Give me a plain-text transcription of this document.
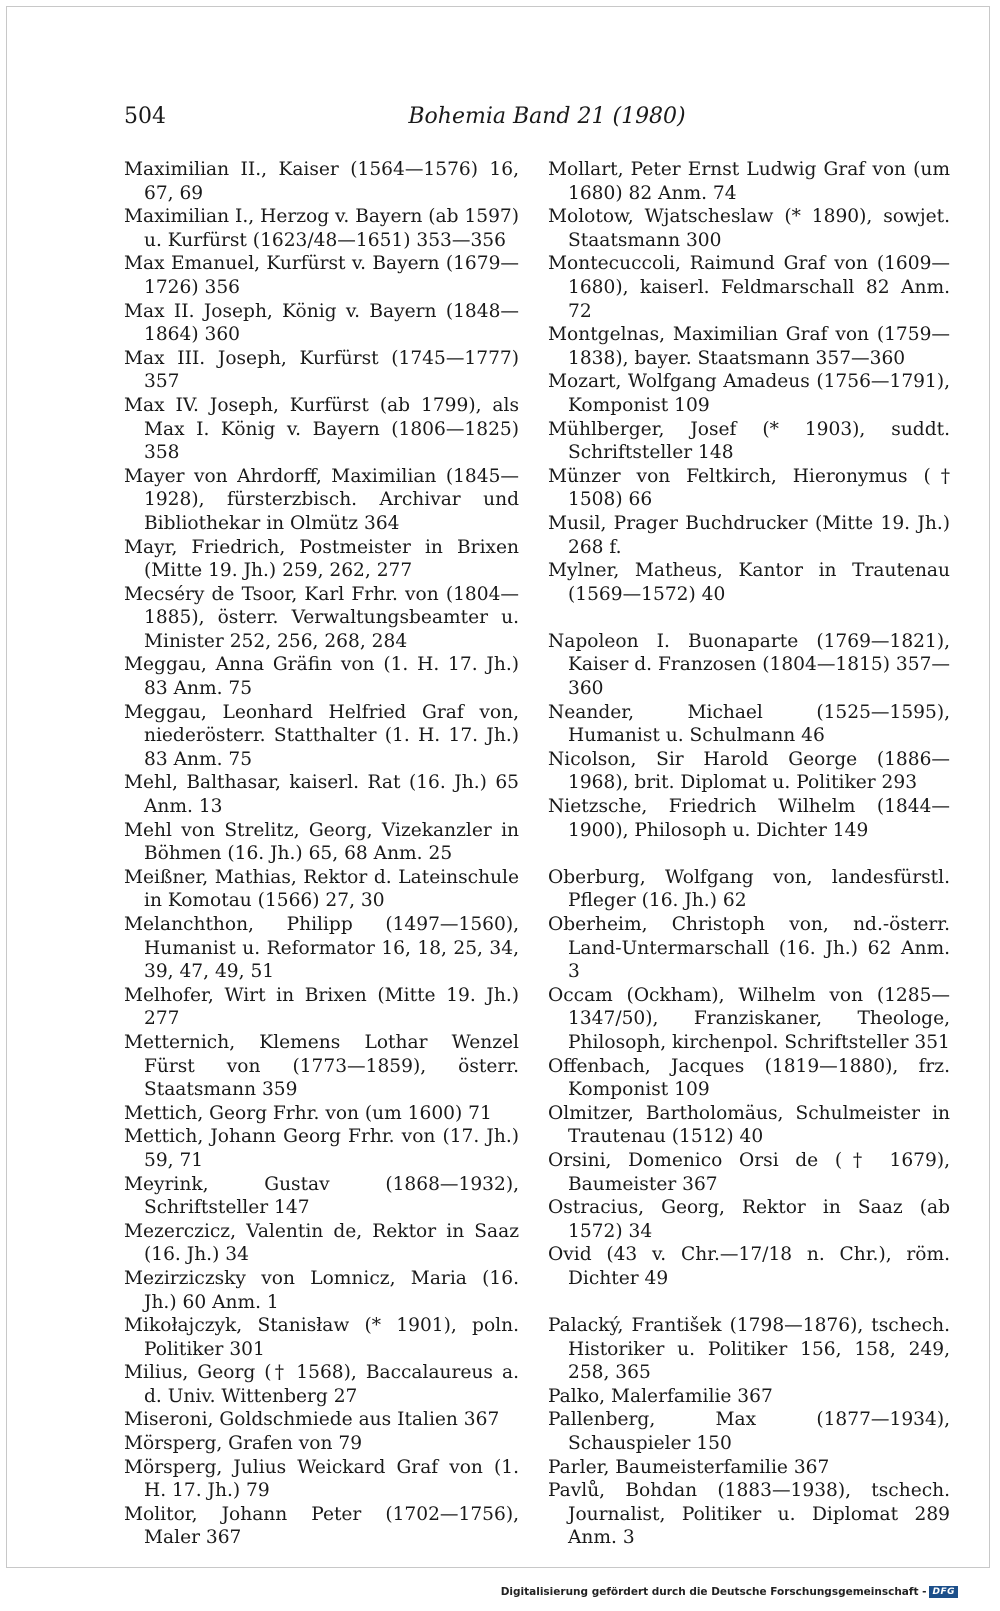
504	Bohemia Band 21 (1980)
Maximilian II., Kaiser (1564—1576) 16, 67, 69
Maximilian I., Herzog v. Bayern (ab 1597) u. Kurfürst (1623/48—1651) 353—356
Max Emanuel, Kurfürst v. Bayern (1679—1726) 356
Max II. Joseph, König v. Bayern (1848—1864) 360
Max III. Joseph, Kurfürst (1745—1777) 357
Max IV. Joseph, Kurfürst (ab 1799), als Max I. König v. Bayern (1806—1825) 358
Mayer von Ahrdorff, Maximilian (1845—1928), fürsterzbisch. Archivar und Bibliothekar in Olmütz 364
Mayr, Friedrich, Postmeister in Brixen (Mitte 19. Jh.) 259, 262, 277
Mecséry de Tsoor, Karl Frhr. von (1804—1885), österr. Verwaltungsbeamter u. Minister 252, 256, 268, 284
Meggau, Anna Gräfin von (1. H. 17. Jh.) 83 Anm. 75
Meggau, Leonhard Helfried Graf von, niederösterr. Statthalter (1. H. 17. Jh.) 83 Anm. 75
Mehl, Balthasar, kaiserl. Rat (16. Jh.) 65 Anm. 13
Mehl von Strelitz, Georg, Vizekanzler in Böhmen (16. Jh.) 65, 68 Anm. 25
Meißner, Mathias, Rektor d. Lateinschule in Komotau (1566) 27, 30
Melanchthon, Philipp (1497—1560), Humanist u. Reformator 16, 18, 25, 34, 39, 47, 49, 51
Melhofer, Wirt in Brixen (Mitte 19. Jh.) 277
Metternich, Klemens Lothar Wenzel Fürst von (1773—1859), österr. Staatsmann 359
Mettich, Georg Frhr. von (um 1600) 71
Mettich, Johann Georg Frhr. von (17. Jh.) 59, 71
Meyrink, Gustav (1868—1932), Schriftsteller 147
Mezerczicz, Valentin de, Rektor in Saaz (16. Jh.) 34
Mezirziczsky von Lomnicz, Maria (16. Jh.) 60 Anm. 1
Mikołajczyk, Stanisław (* 1901), poln. Politiker 301
Milius, Georg († 1568), Baccalaureus a. d. Univ. Wittenberg 27
Miseroni, Goldschmiede aus Italien 367
Mörsperg, Grafen von 79
Mörsperg, Julius Weickard Graf von (1. H. 17. Jh.) 79
Molitor, Johann Peter (1702—1756), Maler 367
Mollart, Peter Ernst Ludwig Graf von (um 1680) 82 Anm. 74
Molotow, Wjatscheslaw (* 1890), sowjet. Staatsmann 300
Montecuccoli, Raimund Graf von (1609—1680), kaiserl. Feldmarschall 82 Anm. 72
Montgelnas, Maximilian Graf von (1759—1838), bayer. Staatsmann 357—360
Mozart, Wolfgang Amadeus (1756—1791), Komponist 109
Mühlberger, Josef (* 1903), suddt. Schriftsteller 148
Münzer von Feltkirch, Hieronymus († 1508) 66
Musil, Prager Buchdrucker (Mitte 19. Jh.) 268 f.
Mylner, Matheus, Kantor in Trautenau (1569—1572) 40
Napoleon I. Buonaparte (1769—1821), Kaiser d. Franzosen (1804—1815) 357—360
Neander, Michael (1525—1595), Humanist u. Schulmann 46
Nicolson, Sir Harold George (1886—1968), brit. Diplomat u. Politiker 293
Nietzsche, Friedrich Wilhelm (1844—1900), Philosoph u. Dichter 149
Oberburg, Wolfgang von, landesfürstl. Pfleger (16. Jh.) 62
Oberheim, Christoph von, nd.-österr. Land-Untermarschall (16. Jh.) 62 Anm. 3
Occam (Ockham), Wilhelm von (1285—1347/50), Franziskaner, Theologe, Philosoph, kirchenpol. Schriftsteller 351
Offenbach, Jacques (1819—1880), frz. Komponist 109
Olmitzer, Bartholomäus, Schulmeister in Trautenau (1512) 40
Orsini, Domenico Orsi de († 1679), Baumeister 367
Ostracius, Georg, Rektor in Saaz (ab 1572) 34
Ovid (43 v. Chr.—17/18 n. Chr.), röm. Dichter 49
Palacký, František (1798—1876), tschech. Historiker u. Politiker 156, 158, 249, 258, 365
Palko, Malerfamilie 367
Pallenberg, Max (1877—1934), Schauspieler 150
Parler, Baumeisterfamilie 367
Pavlů, Bohdan (1883—1938), tschech. Journalist, Politiker u. Diplomat 289 Anm. 3
Digitalisierung gefördert durch die Deutsche Forschungsgemeinschaft - DFG
